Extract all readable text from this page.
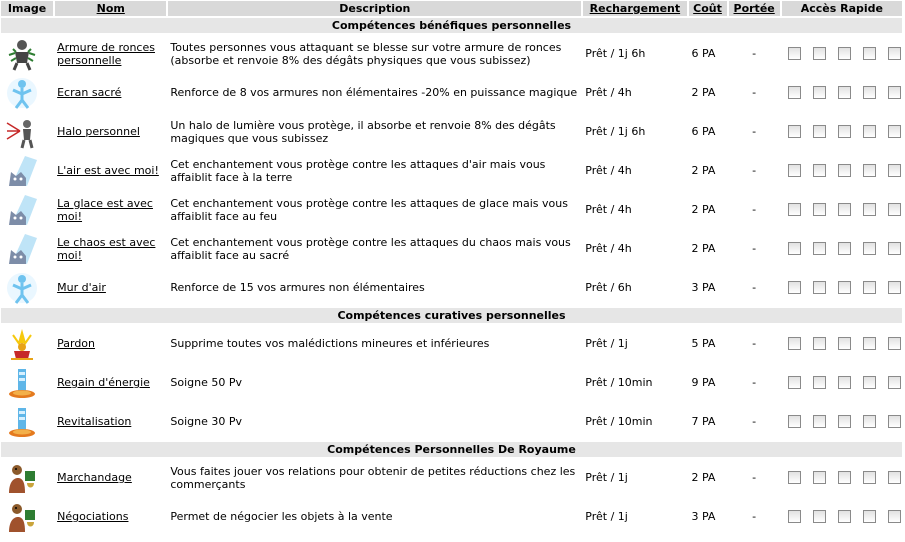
Image	Nom	Description	Rechargement	Coût	Portée	Accès Rapide
Compétences bénéfiques personnelles						
	Armure de ronces personnelle	Toutes personnes vous attaquant se blesse sur votre armure de ronces (absorbe et renvoie 8% des dégâts physiques que vous subissez)	Prêt / 1j 6h	6 PA	-	
	Ecran sacré	Renforce de 8 vos armures non élémentaires -20% en puissance magique	Prêt / 4h	2 PA	-	
	Halo personnel	Un halo de lumière vous protège, il absorbe et renvoie 8% des dégâts magiques que vous subissez	Prêt / 1j 6h	6 PA	-	
	L'air est avec moi!	Cet enchantement vous protège contre les attaques d'air mais vous affaiblit face à la terre	Prêt / 4h	2 PA	-	
	La glace est avec moi!	Cet enchantement vous protège contre les attaques de glace mais vous affaiblit face au feu	Prêt / 4h	2 PA	-	
	Le chaos est avec moi!	Cet enchantement vous protège contre les attaques du chaos mais vous affaiblit face au sacré	Prêt / 4h	2 PA	-	
	Mur d'air	Renforce de 15 vos armures non élémentaires	Prêt / 6h	3 PA	-	
Compétences curatives personnelles						
	Pardon	Supprime toutes vos malédictions mineures et inférieures	Prêt / 1j	5 PA	-	
	Regain d'énergie	Soigne 50 Pv	Prêt / 10min	9 PA	-	
	Revitalisation	Soigne 30 Pv	Prêt / 10min	7 PA	-	
Compétences Personnelles De Royaume						
	Marchandage	Vous faites jouer vos relations pour obtenir de petites réductions chez les commerçants	Prêt / 1j	2 PA	-	
	Négociations	Permet de négocier les objets à la vente	Prêt / 1j	3 PA	-	
